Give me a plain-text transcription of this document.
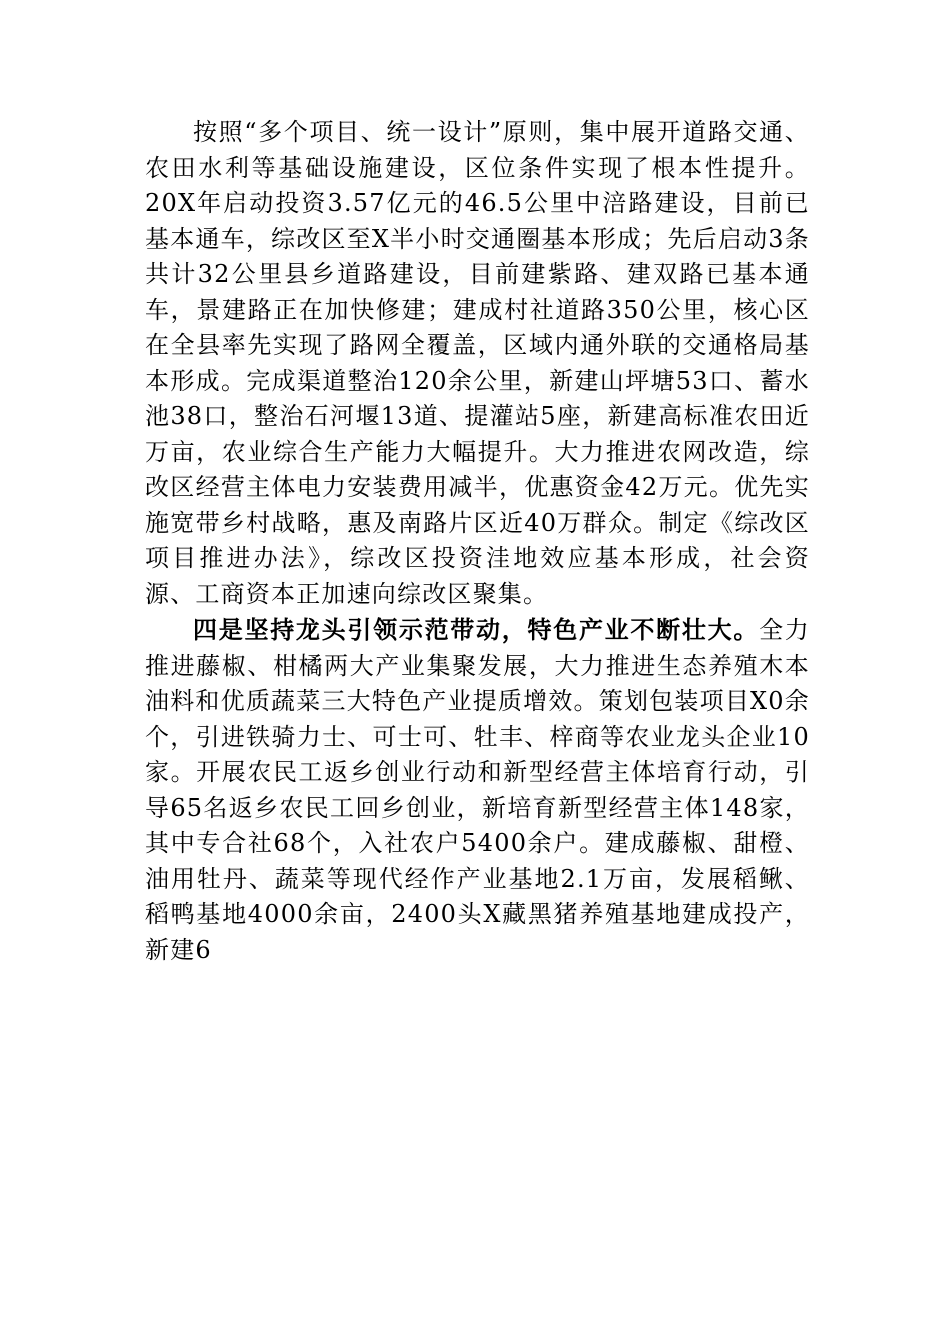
按照“多个项目、统一设计”原则，集中展开道路交通、农田水利等基础设施建设，区位条件实现了根本性提升。20X年启动投资3.57亿元的46.5公里中涪路建设，目前已基本通车，综改区至X半小时交通圈基本形成；先后启动3条共计32公里县乡道路建设，目前建紫路、建双路已基本通车，景建路正在加快修建；建成村社道路350公里，核心区在全县率先实现了路网全覆盖，区域内通外联的交通格局基本形成。完成渠道整治120余公里，新建山坪塘53口、蓄水池38口，整治石河堰13道、提灌站5座，新建高标准农田近万亩，农业综合生产能力大幅提升。大力推进农网改造，综改区经营主体电力安装费用减半，优惠资金42万元。优先实施宽带乡村战略，惠及南路片区近40万群众。制定《综改区项目推进办法》，综改区投资洼地效应基本形成，社会资源、工商资本正加速向综改区聚集。

四是坚持龙头引领示范带动，特色产业不断壮大。全力推进藤椒、柑橘两大产业集聚发展，大力推进生态养殖木本油料和优质蔬菜三大特色产业提质增效。策划包装项目X0余个，引进铁骑力士、可士可、牡丰、梓商等农业龙头企业10家。开展农民工返乡创业行动和新型经营主体培育行动，引导65名返乡农民工回乡创业，新培育新型经营主体148家，其中专合社68个，入社农户5400余户。建成藤椒、甜橙、油用牡丹、蔬菜等现代经作产业基地2.1万亩，发展稻鳅、稻鸭基地4000余亩，2400头X藏黑猪养殖基地建成投产，新建6
